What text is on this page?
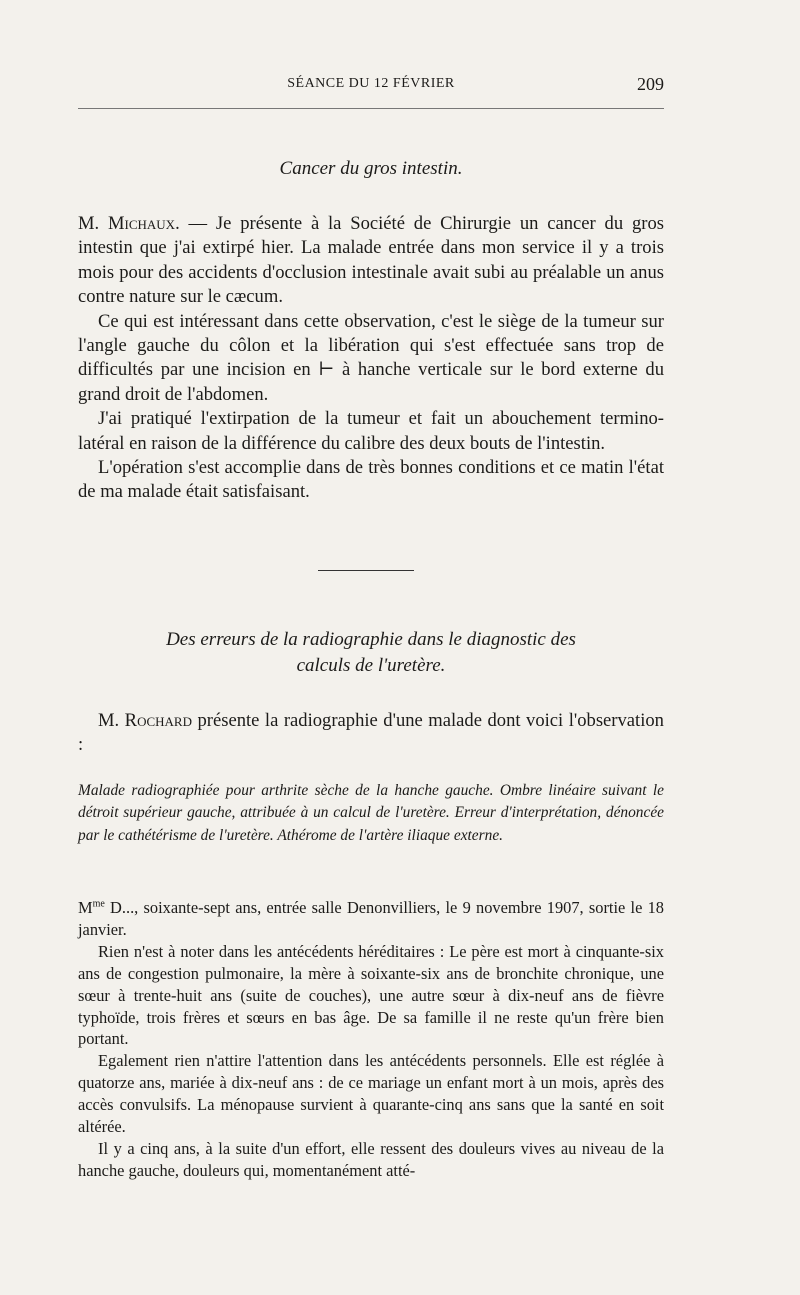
SÉANCE DU 12 FÉVRIER	209
Cancer du gros intestin.

M. Michaux. — Je présente à la Société de Chirurgie un cancer du gros intestin que j'ai extirpé hier. La malade entrée dans mon service il y a trois mois pour des accidents d'occlusion intestinale avait subi au préalable un anus contre nature sur le cæcum.

Ce qui est intéressant dans cette observation, c'est le siège de la tumeur sur l'angle gauche du côlon et la libération qui s'est effectuée sans trop de difficultés par une incision en ⊢ à hanche verticale sur le bord externe du grand droit de l'abdomen.

J'ai pratiqué l'extirpation de la tumeur et fait un abouchement termino-latéral en raison de la différence du calibre des deux bouts de l'intestin.

L'opération s'est accomplie dans de très bonnes conditions et ce matin l'état de ma malade était satisfaisant.

Des erreurs de la radiographie dans le diagnostic des
calculs de l'uretère.

M. Rochard présente la radiographie d'une malade dont voici l'observation :

Malade radiographiée pour arthrite sèche de la hanche gauche. Ombre linéaire suivant le détroit supérieur gauche, attribuée à un calcul de l'uretère. Erreur d'interprétation, dénoncée par le cathétérisme de l'uretère. Athérome de l'artère iliaque externe.

$M^{me}$ D..., soixante-sept ans, entrée salle Denonvilliers, le 9 novembre 1907, sortie le 18 janvier.

Rien n'est à noter dans les antécédents héréditaires : Le père est mort à cinquante-six ans de congestion pulmonaire, la mère à soixante-six ans de bronchite chronique, une sœur à trente-huit ans (suite de couches), une autre sœur à dix-neuf ans de fièvre typhoïde, trois frères et sœurs en bas âge. De sa famille il ne reste qu'un frère bien portant.

Egalement rien n'attire l'attention dans les antécédents personnels. Elle est réglée à quatorze ans, mariée à dix-neuf ans : de ce mariage un enfant mort à un mois, après des accès convulsifs. La ménopause survient à quarante-cinq ans sans que la santé en soit altérée.

Il y a cinq ans, à la suite d'un effort, elle ressent des douleurs vives au niveau de la hanche gauche, douleurs qui, momentanément atté-
